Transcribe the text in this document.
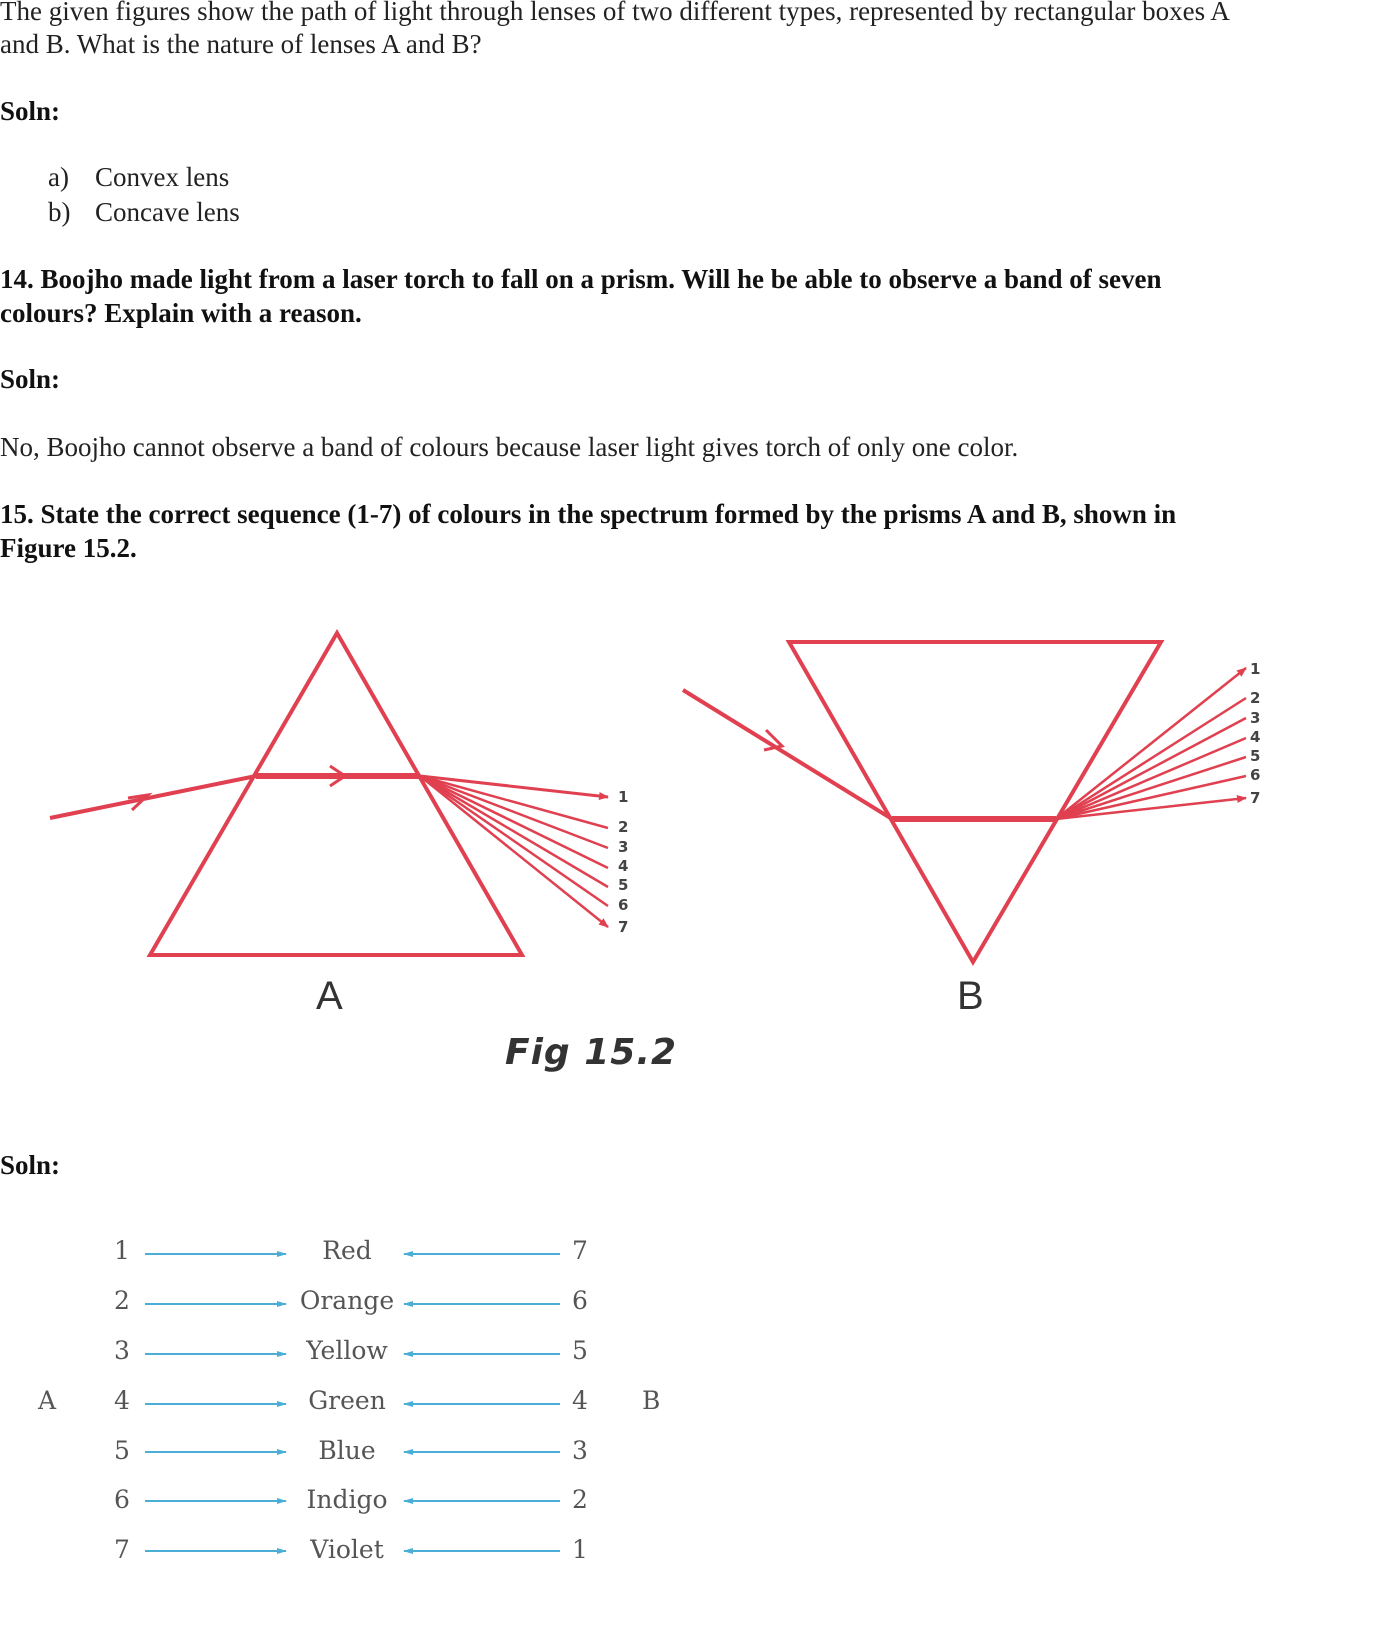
The given figures show the path of light through lenses of two different types, represented by rectangular boxes A
and B. What is the nature of lenses A and B?
Soln:
a) Convex lens
b) Concave lens
14. Boojho made light from a laser torch to fall on a prism. Will he be able to observe a band of seven
colours? Explain with a reason.
Soln:
No, Boojho cannot observe a band of colours because laser light gives torch of only one color.
15. State the correct sequence (1-7) of colours in the spectrum formed by the prisms A and B, shown in
Figure 15.2.
1
2
3
4
5
6
7
1
2
3
4
5
6
7
A	B
Fig 15.2
Soln:
A	B
1	Red	7
2	Orange	6
3	Yellow	5
4	Green	4
5	Blue	3
6	Indigo	2
7	Violet	1
